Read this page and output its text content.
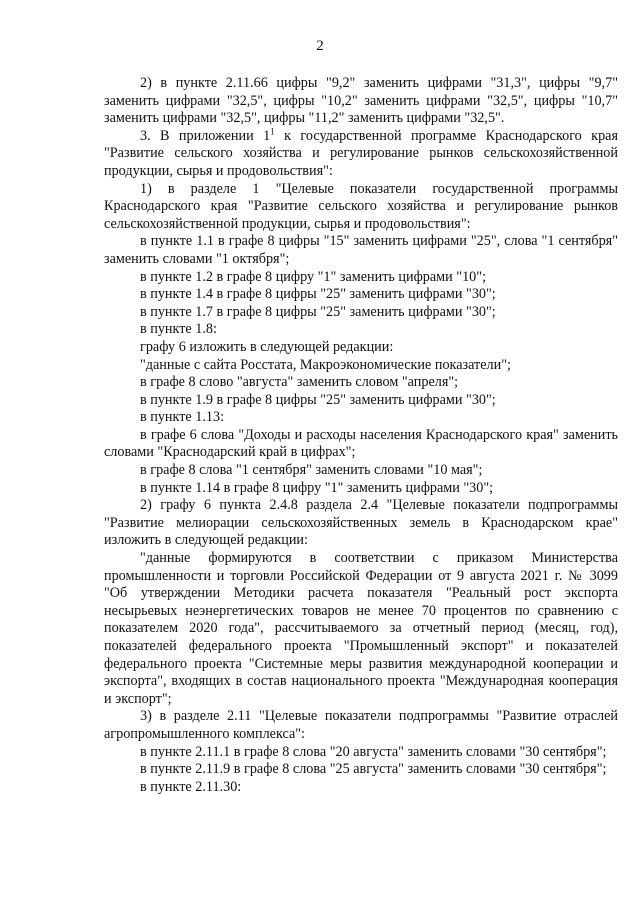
2

2) в пункте 2.11.66 цифры "9,2" заменить цифрами "31,3", цифры "9,7" заменить цифрами "32,5", цифры "10,2" заменить цифрами "32,5", цифры "10,7" заменить цифрами "32,5", цифры "11,2" заменить цифрами "32,5".

3. В приложении $1^1$ к государственной программе Краснодарского края "Развитие сельского хозяйства и регулирование рынков сельскохозяйственной продукции, сырья и продовольствия":

1) в разделе 1 "Целевые показатели государственной программы Краснодарского края "Развитие сельского хозяйства и регулирование рынков сельскохозяйственной продукции, сырья и продовольствия":

в пункте 1.1 в графе 8 цифры "15" заменить цифрами "25", слова "1 сентября" заменить словами "1 октября";

в пункте 1.2 в графе 8 цифру "1" заменить цифрами "10";

в пункте 1.4 в графе 8 цифры "25" заменить цифрами "30";

в пункте 1.7 в графе 8 цифры "25" заменить цифрами "30";

в пункте 1.8:

графу 6 изложить в следующей редакции:

"данные с сайта Росстата, Макроэкономические показатели";

в графе 8 слово "августа" заменить словом "апреля";

в пункте 1.9 в графе 8 цифры "25" заменить цифрами "30";

в пункте 1.13:

в графе 6 слова "Доходы и расходы населения Краснодарского края" заменить словами "Краснодарский край в цифрах";

в графе 8 слова "1 сентября" заменить словами "10 мая";

в пункте 1.14 в графе 8 цифру "1" заменить цифрами "30";

2) графу 6 пункта 2.4.8 раздела 2.4 "Целевые показатели подпрограммы "Развитие мелиорации сельскохозяйственных земель в Краснодарском крае" изложить в следующей редакции:

"данные формируются в соответствии с приказом Министерства промышленности и торговли Российской Федерации от 9 августа 2021 г. № 3099 "Об утверждении Методики расчета показателя "Реальный рост экспорта несырьевых неэнергетических товаров не менее 70 процентов по сравнению с показателем 2020 года", рассчитываемого за отчетный период (месяц, год), показателей федерального проекта "Промышленный экспорт" и показателей федерального проекта "Системные меры развития международной кооперации и экспорта", входящих в состав национального проекта "Международная кооперация и экспорт";

3) в разделе 2.11 "Целевые показатели подпрограммы "Развитие отраслей агропромышленного комплекса":

в пункте 2.11.1 в графе 8 слова "20 августа" заменить словами "30 сентября";

в пункте 2.11.9 в графе 8 слова "25 августа" заменить словами "30 сентября";

в пункте 2.11.30:
